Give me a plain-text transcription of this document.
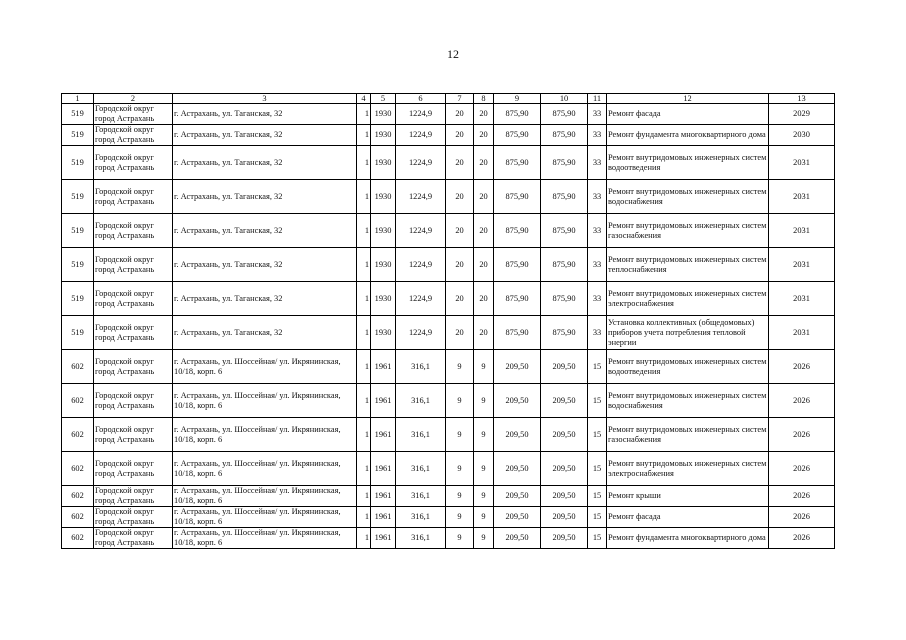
12
1	2	3	4	5	6	7	8	9	10	11	12	13
519	Городской округ город Астрахань	г. Астрахань, ул. Таганская, 32	1	1930	1224,9	20	20	875,90	875,90	33	Ремонт фасада	2029
519	Городской округ город Астрахань	г. Астрахань, ул. Таганская, 32	1	1930	1224,9	20	20	875,90	875,90	33	Ремонт фундамента многоквартирного дома	2030
519	Городской округ город Астрахань	г. Астрахань, ул. Таганская, 32	1	1930	1224,9	20	20	875,90	875,90	33	Ремонт внутридомовых инженерных систем водоотведения	2031
519	Городской округ город Астрахань	г. Астрахань, ул. Таганская, 32	1	1930	1224,9	20	20	875,90	875,90	33	Ремонт внутридомовых инженерных систем водоснабжения	2031
519	Городской округ город Астрахань	г. Астрахань, ул. Таганская, 32	1	1930	1224,9	20	20	875,90	875,90	33	Ремонт внутридомовых инженерных систем газоснабжения	2031
519	Городской округ город Астрахань	г. Астрахань, ул. Таганская, 32	1	1930	1224,9	20	20	875,90	875,90	33	Ремонт внутридомовых инженерных систем теплоснабжения	2031
519	Городской округ город Астрахань	г. Астрахань, ул. Таганская, 32	1	1930	1224,9	20	20	875,90	875,90	33	Ремонт внутридомовых инженерных систем электроснабжения	2031
519	Городской округ город Астрахань	г. Астрахань, ул. Таганская, 32	1	1930	1224,9	20	20	875,90	875,90	33	Установка коллективных (общедомовых) приборов учета потребления тепловой энергии	2031
602	Городской округ город Астрахань	г. Астрахань, ул. Шоссейная/ ул. Икрянинская, 10/18, корп. 6	1	1961	316,1	9	9	209,50	209,50	15	Ремонт внутридомовых инженерных систем водоотведения	2026
602	Городской округ город Астрахань	г. Астрахань, ул. Шоссейная/ ул. Икрянинская, 10/18, корп. 6	1	1961	316,1	9	9	209,50	209,50	15	Ремонт внутридомовых инженерных систем водоснабжения	2026
602	Городской округ город Астрахань	г. Астрахань, ул. Шоссейная/ ул. Икрянинская, 10/18, корп. 6	1	1961	316,1	9	9	209,50	209,50	15	Ремонт внутридомовых инженерных систем газоснабжения	2026
602	Городской округ город Астрахань	г. Астрахань, ул. Шоссейная/ ул. Икрянинская, 10/18, корп. 6	1	1961	316,1	9	9	209,50	209,50	15	Ремонт внутридомовых инженерных систем электроснабжения	2026
602	Городской округ город Астрахань	г. Астрахань, ул. Шоссейная/ ул. Икрянинская, 10/18, корп. 6	1	1961	316,1	9	9	209,50	209,50	15	Ремонт крыши	2026
602	Городской округ город Астрахань	г. Астрахань, ул. Шоссейная/ ул. Икрянинская, 10/18, корп. 6	1	1961	316,1	9	9	209,50	209,50	15	Ремонт фасада	2026
602	Городской округ город Астрахань	г. Астрахань, ул. Шоссейная/ ул. Икрянинская, 10/18, корп. 6	1	1961	316,1	9	9	209,50	209,50	15	Ремонт фундамента многоквартирного дома	2026
